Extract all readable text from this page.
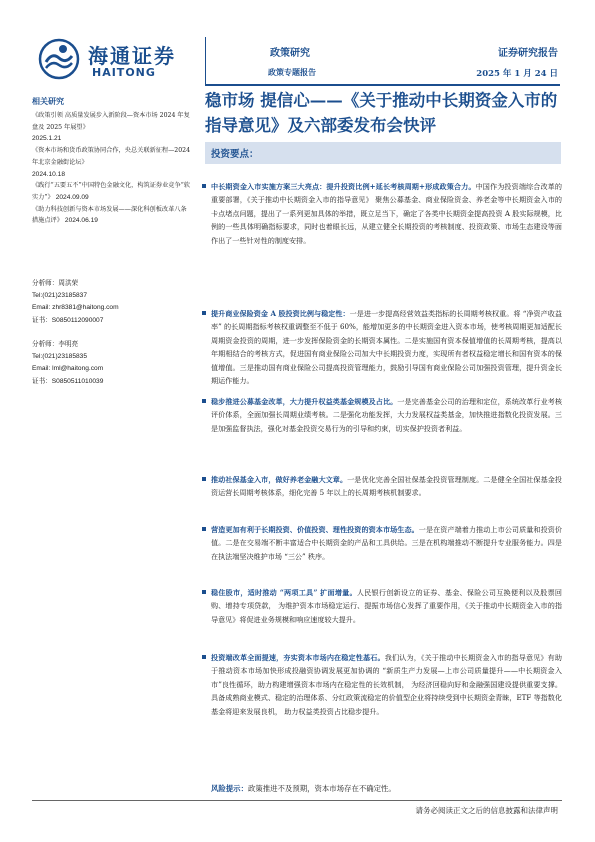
海通证券
HAITONG
政策研究
政策专题报告
证券研究报告
2025 年 1 月 24 日
稳市场 提信心——《关于推动中长期资金入市的指导意见》及六部委发布会快评
相关研究
《政策引领 高质量发展步入新阶段—资本市场 2024 年复盘及 2025 年展望》
2025.1.21
《资本市场和货币政策协同合作，央总关联新征程—2024 年北京金融街论坛》
2024.10.18
《践行“五要五不”中国特色金融文化，构筑证券业竞争“软实力”》 2024.09.09
《助力科技创新与资本市场发展——深化科创板改革八条措施点评》 2024.06.19
分析师：周洪荣
Tel:(021)23185837
Email: zhr8381@haitong.com
证书：S0850112090007
分析师：李明亮
Tel:(021)23185835
Email: lml@haitong.com
证书：S0850511010039
投资要点：
中长期资金入市实施方案三大亮点：提升投资比例+延长考核周期+形成政策合力。中国作为投资端综合改革的重要部署，《关于推动中长期资金入市的指导意见》 聚焦公募基金、商业保险资金、养老金等中长期资金入市的卡点堵点问题，提出了一系列更加具体的举措，既立足当下，确定了各类中长期资金提高投资 A 股实际规模，比例的一些具体明确指标要求，同时也着眼长远，从建立健全长期投资的考核制度、投资政策、市场生态建设等面作出了一些针对性的制度安排。
提升商业保险资金 A 股投资比例与稳定性：一是进一步提高经营效益类指标的长周期考核权重。将 “净资产收益率” 的长周期指标考核权重调整至不低于 60%，能增加更多的中长期资金进入资本市场，使考核周期更加适配长周期资金投资的周期，进一步发挥保险资金的长期资本属性。二是实施国有资本保值增值的长周期考核，提高以年期相结合的考核方式，促进国有商业保险公司加大中长期投资力度，实现所有者权益稳定增长和国有资本的保值增值。三是推动国有商业保险公司提高投资管理能力，鼓励引导国有商业保险公司加强投资管理，提升资金长期运作能力。
稳步推进公募基金改革，大力提升权益类基金规模及占比。一是完善基金公司的治理和定位，系统改革行业考核评价体系，全面加强长周期业绩考核。二是强化功能发挥，大力发展权益类基金，加快推进指数化投资发展。三是加强监督执法，强化对基金投资交易行为的引导和约束，切实保护投资者利益。
推动社保基金入市，做好养老金融大文章。一是优化完善全国社保基金投资管理制度。二是健全全国社保基金投资运营长周期考核体系，细化完善 5 年以上的长周期考核机制要求。
营造更加有利于长期投资、价值投资、理性投资的资本市场生态。一是在资产端着力推动上市公司质量和投资价值。二是在交易端不断丰富适合中长期资金的产品和工具供给。三是在机构端推动不断提升专业服务能力。四是在执法端坚决维护市场 “三公” 秩序。
稳住股市，适时推动 “两项工具” 扩面增量。人民银行创新设立的证券、基金、保险公司互换便利以及股票回购、增持专项贷款， 为维护资本市场稳定运行、提振市场信心发挥了重要作用，《关于推动中长期资金入市的指导意见》将促进业务规模和响应速度较大提升。
投资端改革全面提速，夯实资本市场内在稳定性基石。我们认为，《关于推动中长期资金入市的指导意见》有助于推动资本市场加快形成投融资协调发展更加协调的 “新质生产力发展—上市公司质量提升——中长期资金入市”良性循环，助力构建增强资本市场内在稳定性的长效机制， 为经济回稳向好和金融强国建设提供重要支撑。具备成熟商业模式、稳定的治理体系、分红政策流稳定的价值型企业将持续受到中长期资金青睐，ETF 等指数化基金将迎来发展良机， 助力权益类投资占比稳步提升。
风险提示：政策推进不及预期，资本市场存在不确定性。
请务必阅读正文之后的信息披露和法律声明
